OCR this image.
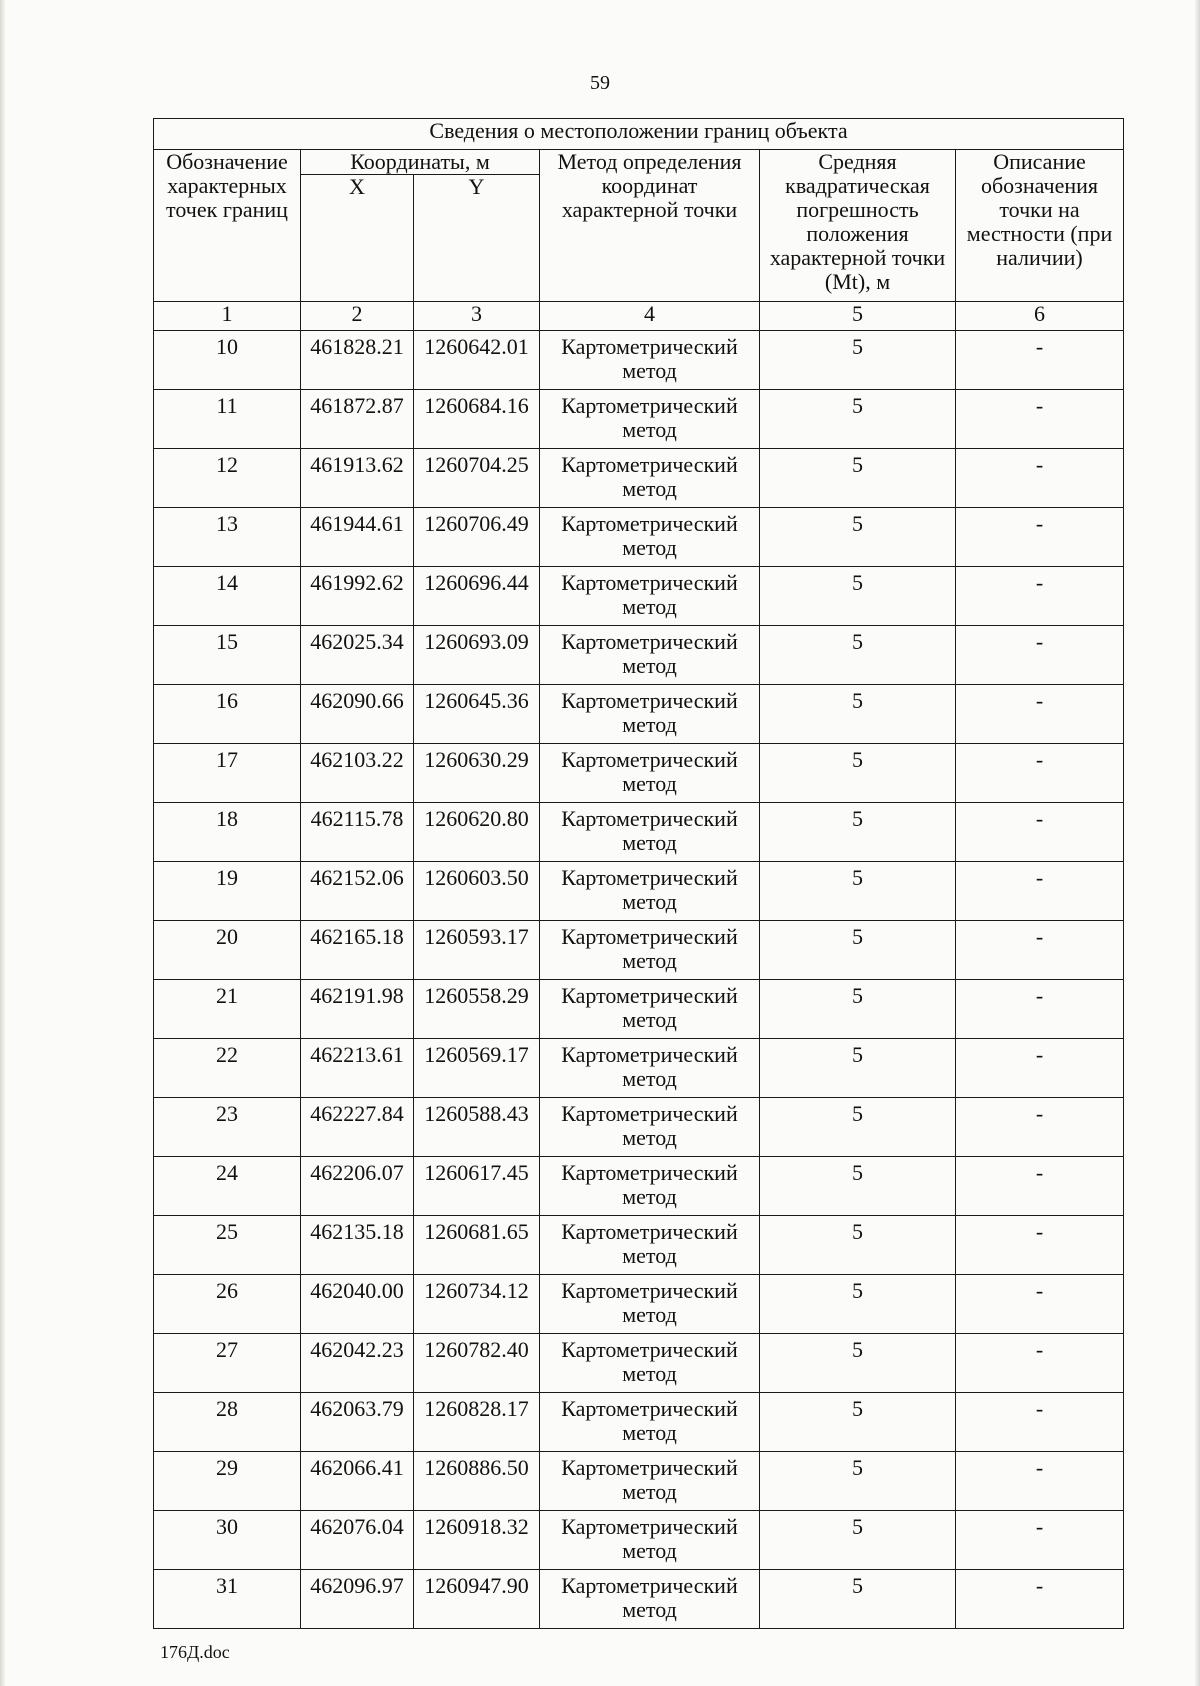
59
Сведения о местоположении границ объекта					
Обозначение характерных точек границ	Координаты, м		Метод определения координат характерной точки	Средняя квадратическая погрешность положения характерной точки (Mt), м	Описание обозначения точки на местности (при наличии)
	X	Y			
1	2	3	4	5	6
10	461828.21	1260642.01	Картометрический метод	5	-
11	461872.87	1260684.16	Картометрический метод	5	-
12	461913.62	1260704.25	Картометрический метод	5	-
13	461944.61	1260706.49	Картометрический метод	5	-
14	461992.62	1260696.44	Картометрический метод	5	-
15	462025.34	1260693.09	Картометрический метод	5	-
16	462090.66	1260645.36	Картометрический метод	5	-
17	462103.22	1260630.29	Картометрический метод	5	-
18	462115.78	1260620.80	Картометрический метод	5	-
19	462152.06	1260603.50	Картометрический метод	5	-
20	462165.18	1260593.17	Картометрический метод	5	-
21	462191.98	1260558.29	Картометрический метод	5	-
22	462213.61	1260569.17	Картометрический метод	5	-
23	462227.84	1260588.43	Картометрический метод	5	-
24	462206.07	1260617.45	Картометрический метод	5	-
25	462135.18	1260681.65	Картометрический метод	5	-
26	462040.00	1260734.12	Картометрический метод	5	-
27	462042.23	1260782.40	Картометрический метод	5	-
28	462063.79	1260828.17	Картометрический метод	5	-
29	462066.41	1260886.50	Картометрический метод	5	-
30	462076.04	1260918.32	Картометрический метод	5	-
31	462096.97	1260947.90	Картометрический метод	5	-
176Д.doc
